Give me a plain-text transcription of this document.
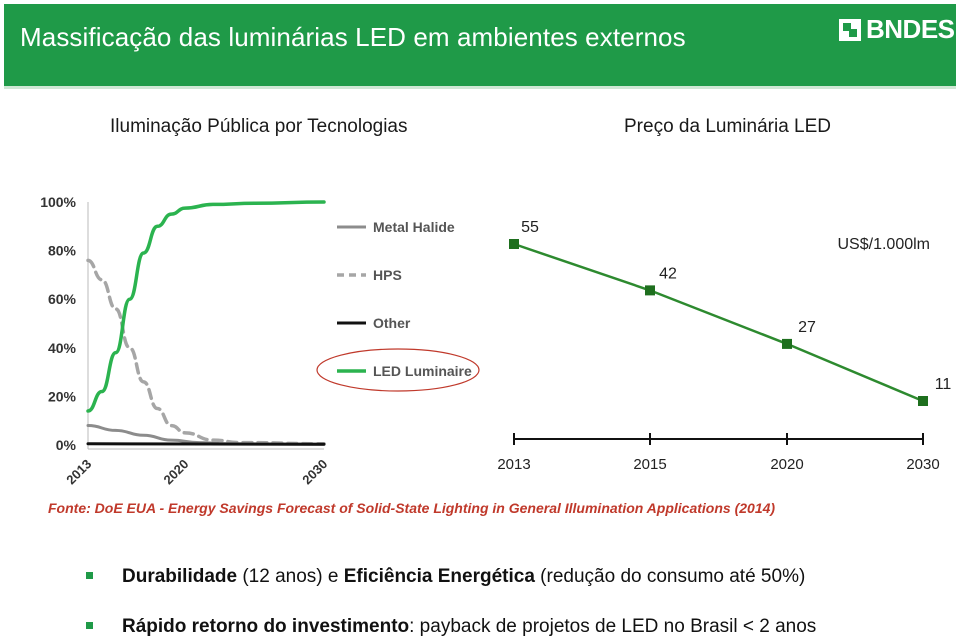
Massificação das luminárias LED em ambientes externos	BNDES
Iluminação Pública por Tecnologias	Preço da Luminária LED
100%
80%
60%
40%
20%
0%
2013	2020	2030
Metal Halide
HPS
Other
LED Luminaire
US$/1.000lm
55
42
27
11
2013	2015	2020	2030
Fonte: DoE EUA - Energy Savings Forecast of Solid-State Lighting in General Illumination Applications (2014)
Durabilidade (12 anos) e Eficiência Energética (redução do consumo até 50%)
Rápido retorno do investimento: payback de projetos de LED no Brasil < 2 anos
